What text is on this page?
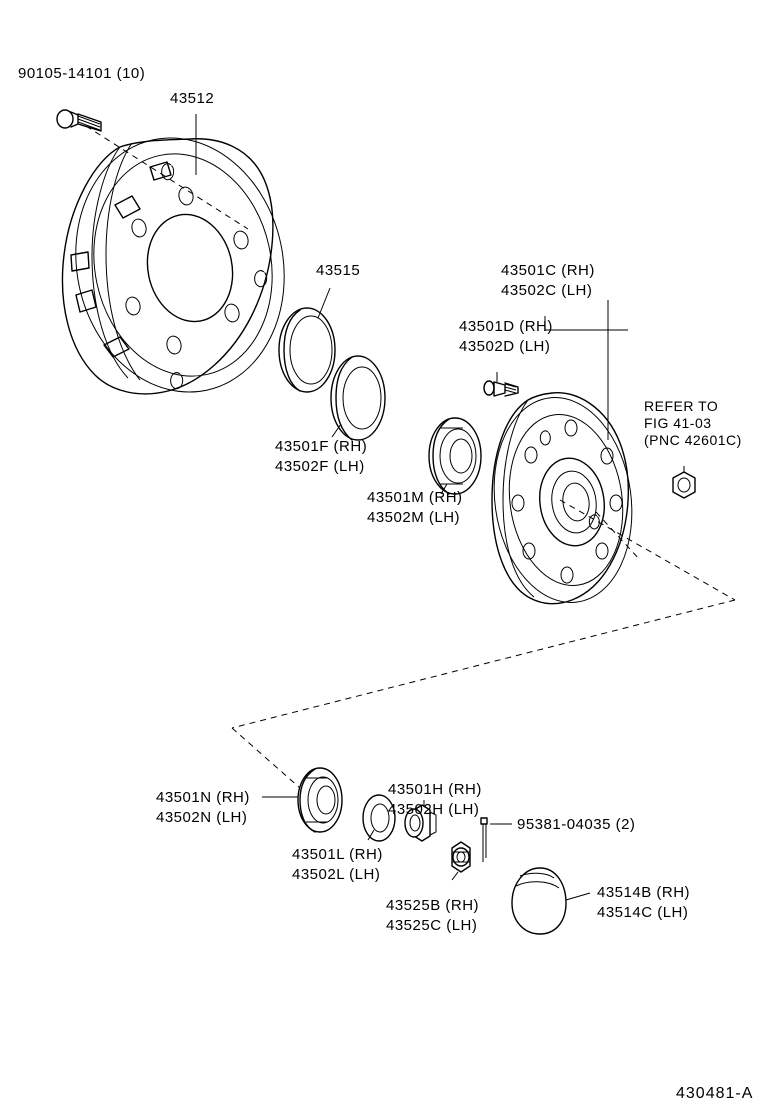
90105-14101 (10)
43512
43515
43501F (RH)
43502F (LH)
43501M (RH)
43502M (LH)
43501C (RH)
43502C (LH)
43501D (RH)
43502D (LH)
REFER TO
FIG 41-03
(PNC 42601C)
43501N (RH)
43502N (LH)
43501L (RH)
43502L (LH)
43501H (RH)
43502H (LH)
43525B (RH)
43525C (LH)
95381-04035 (2)
43514B (RH)
43514C (LH)
430481-A
